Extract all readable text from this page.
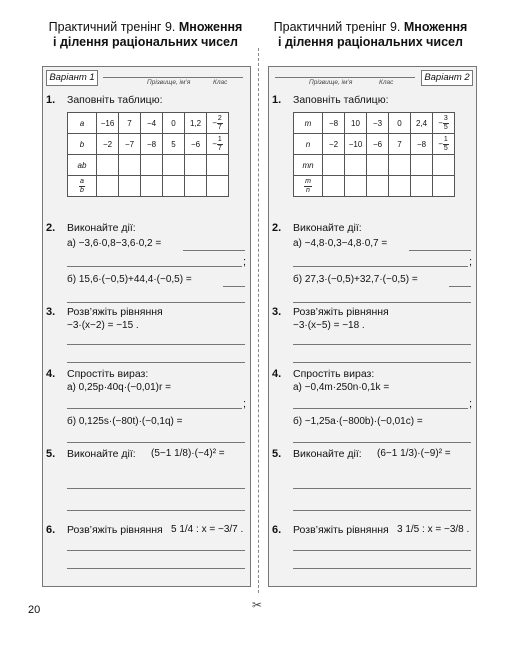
Практичний тренінг 9. Множення
і ділення раціональних чисел
Варіант 1	Прізвище, ім’я	Клас
1. Заповніть таблицю:
a	−16	7	−4	0	1,2	− $\frac{2}{7}$

b	−2	−7	−8	5	−6	− $\frac{1}{7}$

ab						

$\frac{a}{b}$

2. Виконайте дії:
а) −3,6·0,8−3,6·0,2 =
;
б) 15,6·(−0,5)+44,4·(−0,5) =
3. Розв’яжіть рівняння
−3·(x−2) = −15 .
4. Спростіть вираз:
а) 0,25p·40q·(−0,01)r =
;
б) 0,125s·(−80t)·(−0,1q) =
5. Виконайте дії: (5−1 1/8)·(−4)² =
6. Розв’яжіть рівняння 5 1/4 : x = −3/7 .
✂
Практичний тренінг 9. Множення
і ділення раціональних чисел
Прізвище, ім’я	Клас	Варіант 2
1. Заповніть таблицю:
m	−8	10	−3	0	2,4	− $\frac{3}{5}$

n	−2	−10	−6	7	−8	− $\frac{1}{5}$

mn						

$\frac{m}{n}$

2. Виконайте дії:
а) −4,8·0,3−4,8·0,7 =
;
б) 27,3·(−0,5)+32,7·(−0,5) =
3. Розв’яжіть рівняння
−3·(x−5) = −18 .
4. Спростіть вираз:
а) −0,4m·250n·0,1k =
;
б) −1,25a·(−800b)·(−0,01c) =
5. Виконайте дії: (6−1 1/3)·(−9)² =
6. Розв’яжіть рівняння 3 1/5 : x = −3/8 .
20
